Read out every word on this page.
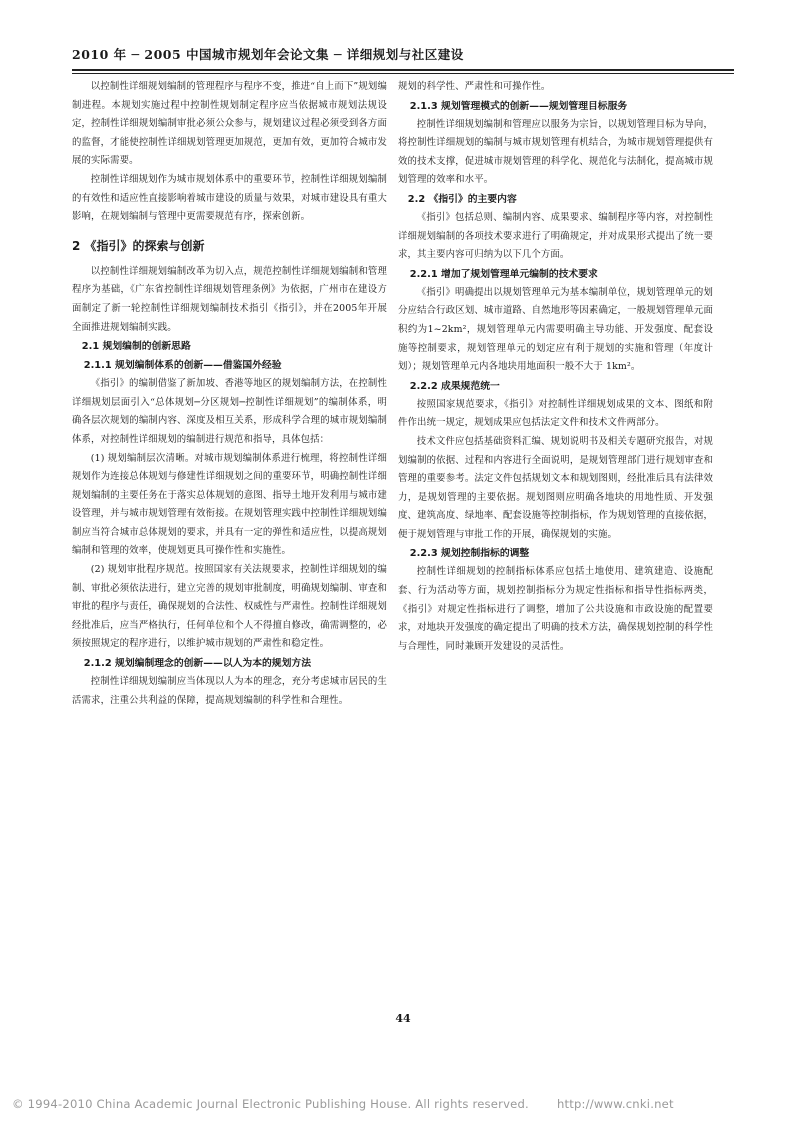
2010 年 ─ 2005 中国城市规划年会论文集 ─ 详细规划与社区建设

以控制性详细规划编制的管理程序与程序不变，推进“自上而下”规划编制进程。本规划实施过程中控制性规划制定程序应当依据城市规划法规设定，控制性详细规划编制审批必须公众参与，规划建议过程必须受到各方面的监督，才能使控制性详细规划管理更加规范，更加有效，更加符合城市发展的实际需要。

控制性详细规划作为城市规划体系中的重要环节，控制性详细规划编制的有效性和适应性直接影响着城市建设的质量与效果，对城市建设具有重大影响，在规划编制与管理中更需要规范有序，探索创新。

2 《指引》的探索与创新

以控制性详细规划编制改革为切入点，规范控制性详细规划编制和管理程序为基础，《广东省控制性详细规划管理条例》为依据，广州市在建设方面制定了新一轮控制性详细规划编制技术指引《指引》，并在2005年开展全面推进规划编制实践。

2.1 规划编制的创新思路
2.1.1 规划编制体系的创新——借鉴国外经验

《指引》的编制借鉴了新加坡、香港等地区的规划编制方法，在控制性详细规划层面引入“总体规划─分区规划─控制性详细规划”的编制体系，明确各层次规划的编制内容、深度及相互关系，形成科学合理的城市规划编制体系，对控制性详细规划的编制进行规范和指导，具体包括：

(1) 规划编制层次清晰。对城市规划编制体系进行梳理，将控制性详细规划作为连接总体规划与修建性详细规划之间的重要环节，明确控制性详细规划编制的主要任务在于落实总体规划的意图、指导土地开发利用与城市建设管理，并与城市规划管理有效衔接。在规划管理实践中控制性详细规划编制应当符合城市总体规划的要求，并具有一定的弹性和适应性，以提高规划编制和管理的效率，使规划更具可操作性和实施性。

(2) 规划审批程序规范。按照国家有关法规要求，控制性详细规划的编制、审批必须依法进行，建立完善的规划审批制度，明确规划编制、审查和审批的程序与责任，确保规划的合法性、权威性与严肃性。控制性详细规划经批准后，应当严格执行，任何单位和个人不得擅自修改，确需调整的，必须按照规定的程序进行，以维护城市规划的严肃性和稳定性。

2.1.2 规划编制理念的创新——以人为本的规划方法

控制性详细规划编制应当体现以人为本的理念，充分考虑城市居民的生活需求，注重公共利益的保障，提高规划编制的科学性和合理性。

规划的科学性、严肃性和可操作性。

2.1.3 规划管理模式的创新——规划管理目标服务

控制性详细规划编制和管理应以服务为宗旨，以规划管理目标为导向，将控制性详细规划的编制与城市规划管理有机结合，为城市规划管理提供有效的技术支撑，促进城市规划管理的科学化、规范化与法制化，提高城市规划管理的效率和水平。

2.2 《指引》的主要内容

《指引》包括总则、编制内容、成果要求、编制程序等内容，对控制性详细规划编制的各项技术要求进行了明确规定，并对成果形式提出了统一要求，其主要内容可归纳为以下几个方面。

2.2.1 增加了规划管理单元编制的技术要求

《指引》明确提出以规划管理单元为基本编制单位，规划管理单元的划分应结合行政区划、城市道路、自然地形等因素确定，一般规划管理单元面积约为1~2km²，规划管理单元内需要明确主导功能、开发强度、配套设施等控制要求，规划管理单元的划定应有利于规划的实施和管理（年度计划）；规划管理单元内各地块用地面积一般不大于 1km²。

2.2.2 成果规范统一

按照国家规范要求，《指引》对控制性详细规划成果的文本、图纸和附件作出统一规定，规划成果应包括法定文件和技术文件两部分。

技术文件应包括基础资料汇编、规划说明书及相关专题研究报告，对规划编制的依据、过程和内容进行全面说明，是规划管理部门进行规划审查和管理的重要参考。法定文件包括规划文本和规划图则，经批准后具有法律效力，是规划管理的主要依据。规划图则应明确各地块的用地性质、开发强度、建筑高度、绿地率、配套设施等控制指标，作为规划管理的直接依据，便于规划管理与审批工作的开展，确保规划的实施。

2.2.3 规划控制指标的调整

控制性详细规划的控制指标体系应包括土地使用、建筑建造、设施配套、行为活动等方面，规划控制指标分为规定性指标和指导性指标两类，《指引》对规定性指标进行了调整，增加了公共设施和市政设施的配置要求，对地块开发强度的确定提出了明确的技术方法，确保规划控制的科学性与合理性，同时兼顾开发建设的灵活性。

44
© 1994-2010 China Academic Journal Electronic Publishing House. All rights reserved. http://www.cnki.net
